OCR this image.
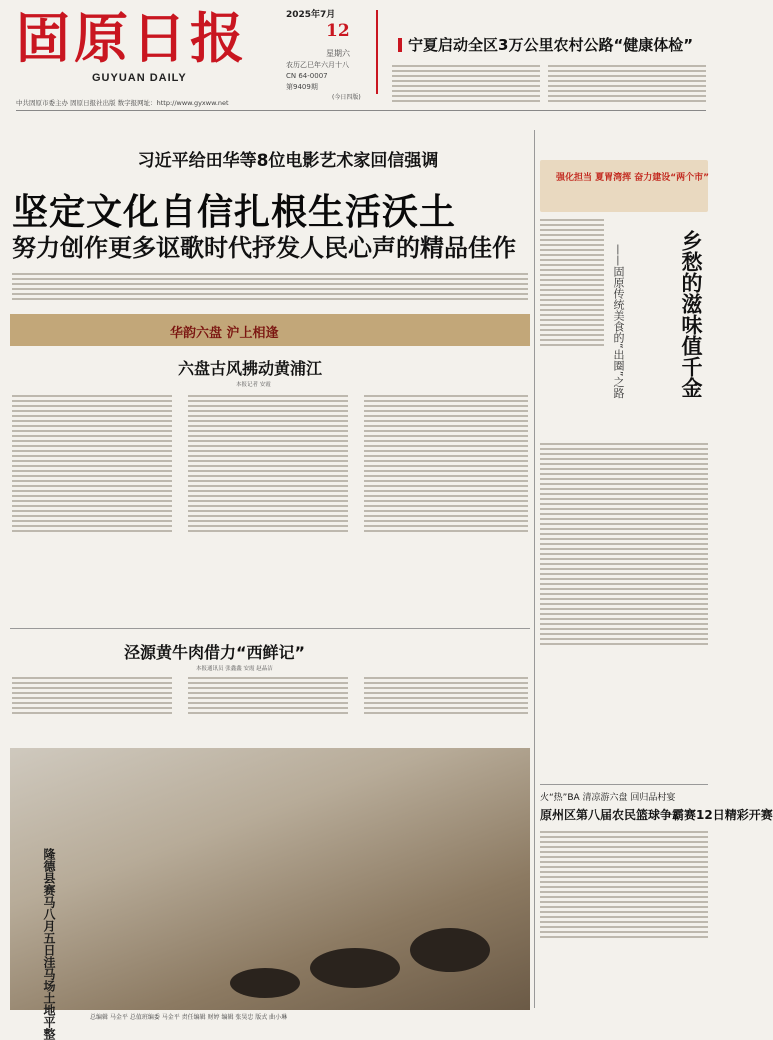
固原日报
GUYUAN DAILY
2025年7月
12
星期六
农历乙巳年六月十八
CN 64-0007
第9409期
(今日四版)
中共固原市委主办 固原日报社出版 数字报网址：http://www.gyxww.net
宁夏启动全区3万公里农村公路“健康体检”
习近平给田华等8位电影艺术家回信强调
坚定文化自信扎根生活沃土
努力创作更多讴歌时代抒发人民心声的精品佳作
华韵六盘 沪上相逢
六盘古风拂动黄浦江
本报记者 安霞
泾源黄牛肉借力“西鲜记”
本报通讯员 张鑫鑫 安霞 赵晶洁
隆德县赛马八月五日洼马场土地平整
强化担当 夏胃湾挥 奋力建设“两个市”
乡愁的滋味值千金
——固原传统美食的“出圈”之路
火“热”BA 清凉游六盘 回归品村宴
原州区第八届农民篮球争霸赛12日精彩开赛
总编辑 马金平 总值班编委 马金平 责任编辑 财婷 编辑 张昊忠 版式 曲小琳
